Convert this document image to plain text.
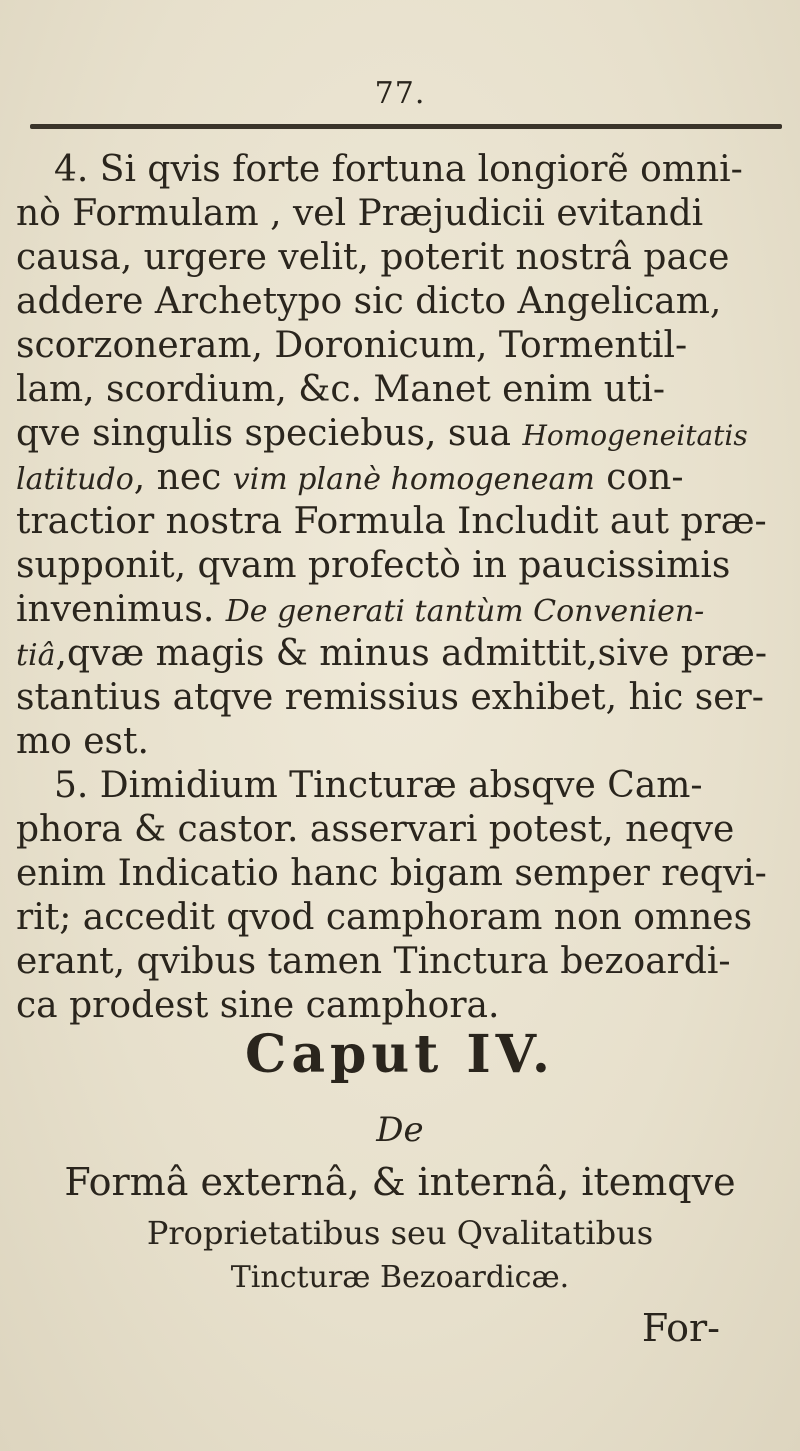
77.
4. Si qvis forte fortuna longiorẽ omni-
nò Formulam , vel Præjudicii evitandi
causa, urgere velit, poterit nostrâ pace
addere Archetypo sic dicto Angelicam,
scorzoneram, Doronicum, Tormentil-
lam, scordium, &c. Manet enim uti-
qve singulis speciebus, sua Homogeneitatis
latitudo, nec vim planè homogeneam con-
tractior nostra Formula Includit aut præ-
supponit, qvam profectò in paucissimis
invenimus. De generati tantùm Convenien-
tiâ,qvæ magis & minus admittit,sive præ-
stantius atqve remissius exhibet, hic ser-
mo est.
5. Dimidium Tincturæ absqve Cam-
phora & castor. asservari potest, neqve
enim Indicatio hanc bigam semper reqvi-
rit; accedit qvod camphoram non omnes
erant, qvibus tamen Tinctura bezoardi-
ca prodest sine camphora.
Caput IV.
De
Formâ externâ, & internâ, itemqve
Proprietatibus seu Qvalitatibus
Tincturæ Bezoardicæ.
For-
